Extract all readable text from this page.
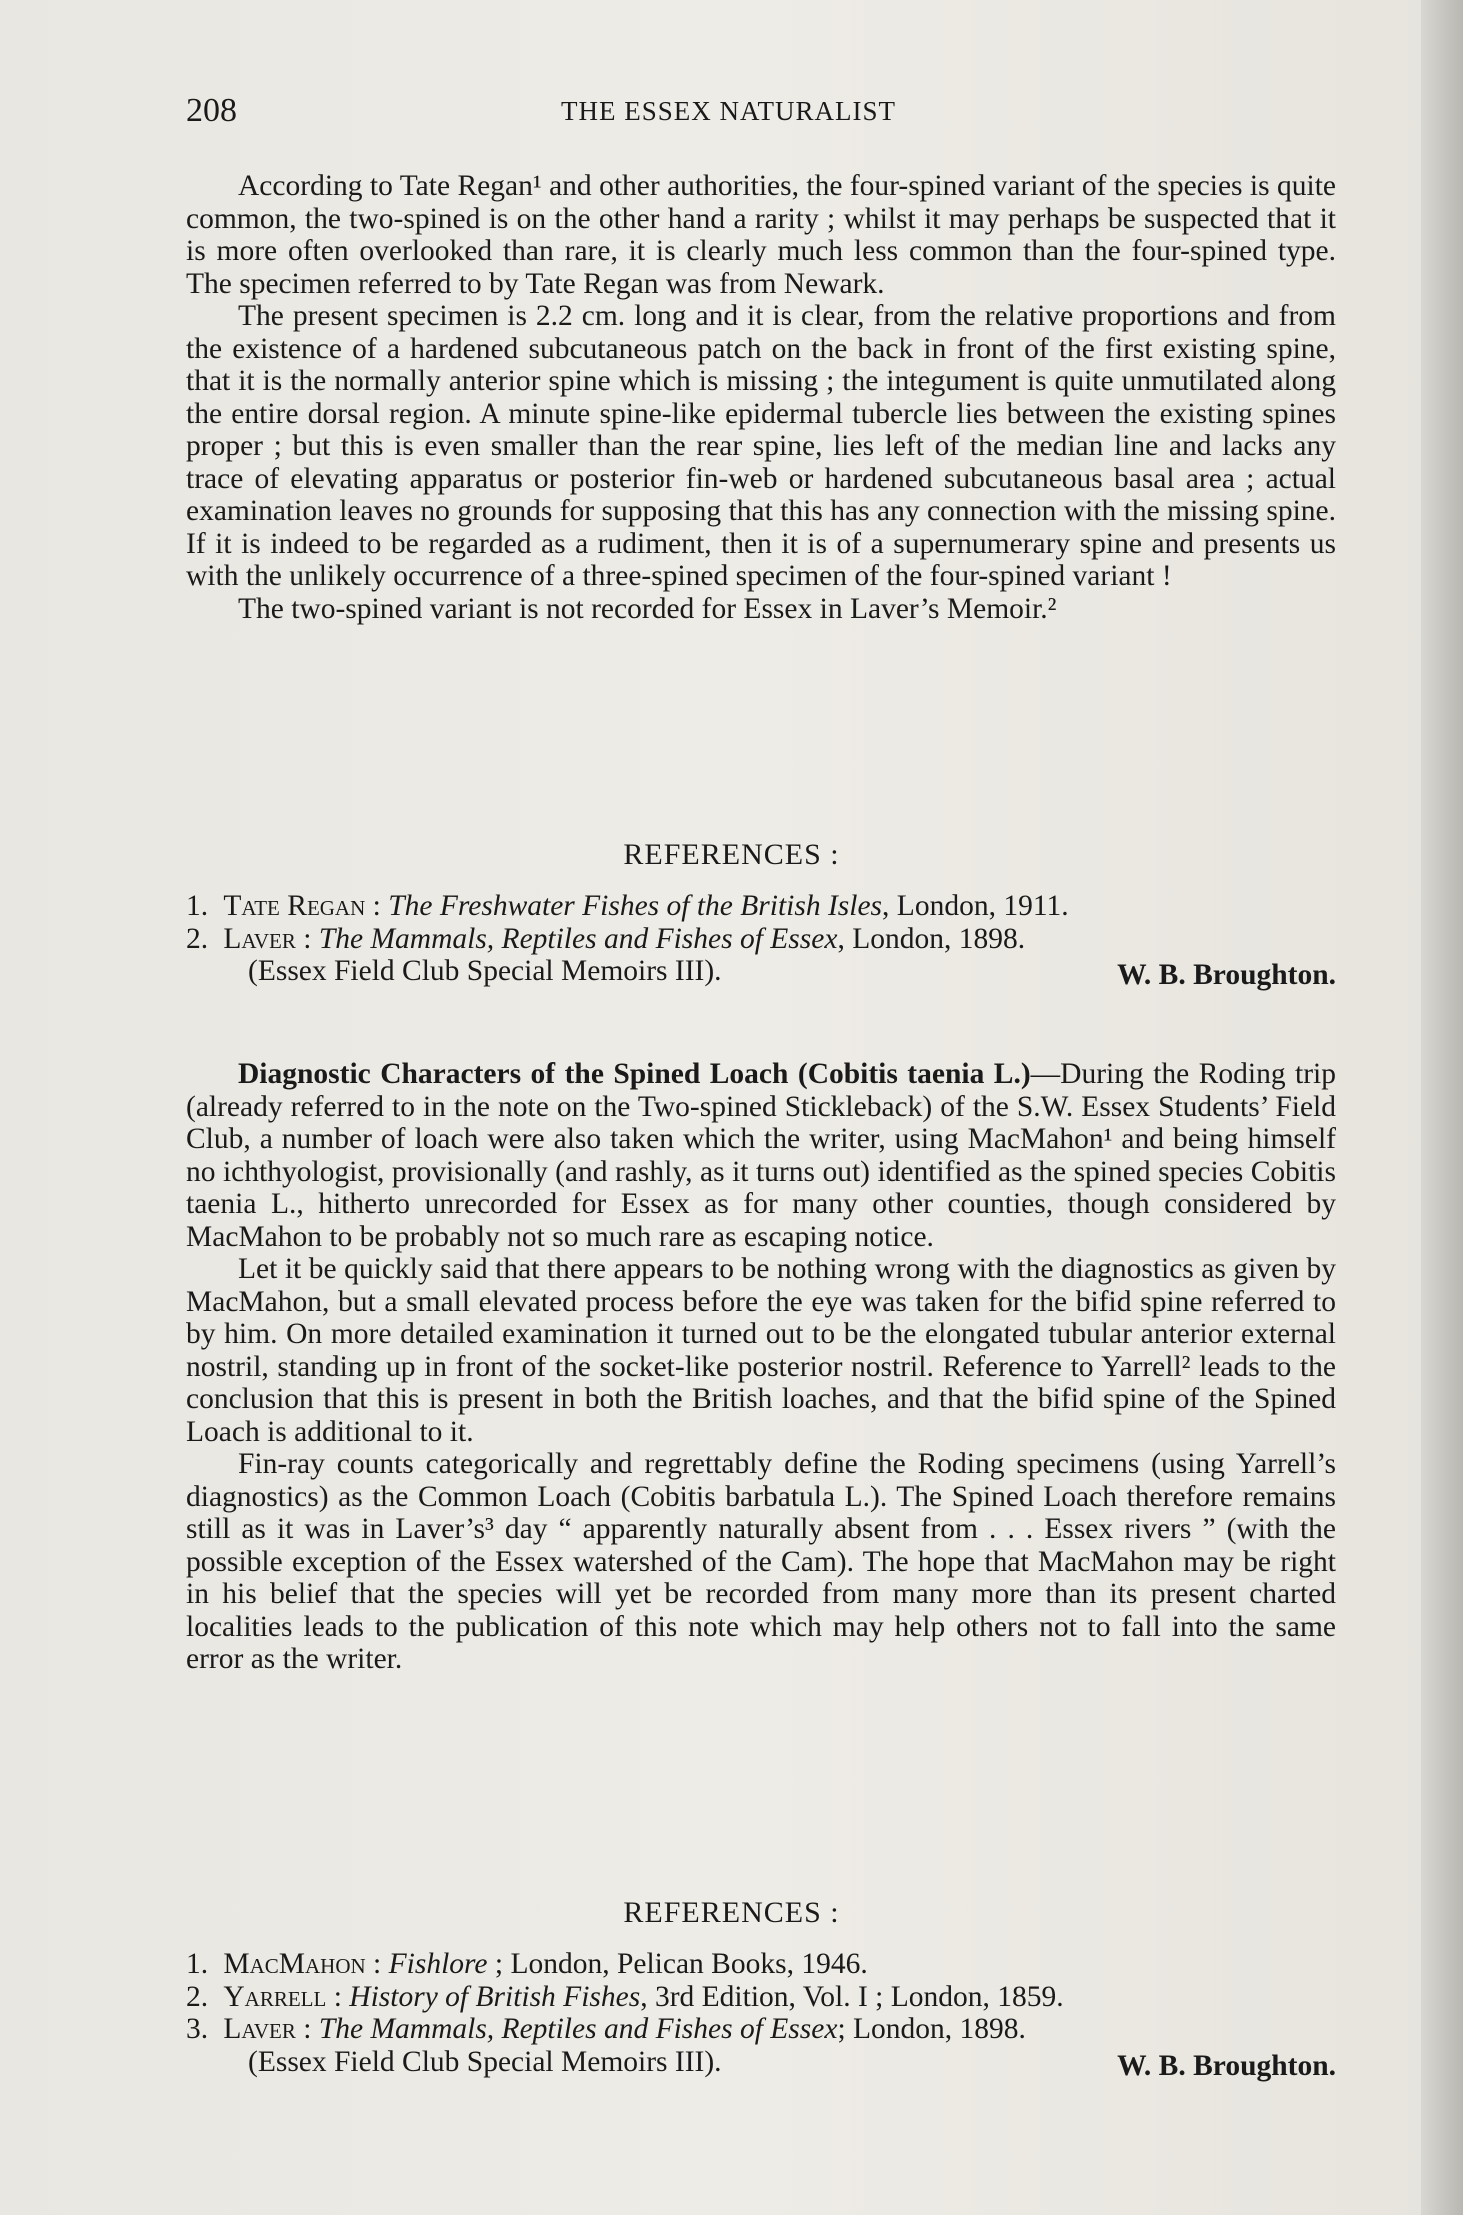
208	THE ESSEX NATURALIST

According to Tate Regan¹ and other authorities, the four-spined variant of the species is quite common, the two-spined is on the other hand a rarity ; whilst it may perhaps be suspected that it is more often overlooked than rare, it is clearly much less common than the four-spined type. The specimen referred to by Tate Regan was from Newark.

The present specimen is 2.2 cm. long and it is clear, from the relative proportions and from the existence of a hardened subcutaneous patch on the back in front of the first existing spine, that it is the normally anterior spine which is missing ; the integument is quite unmutilated along the entire dorsal region. A minute spine-like epidermal tubercle lies between the existing spines proper ; but this is even smaller than the rear spine, lies left of the median line and lacks any trace of elevating apparatus or posterior fin-web or hardened subcutaneous basal area ; actual examination leaves no grounds for supposing that this has any connection with the missing spine. If it is indeed to be regarded as a rudiment, then it is of a supernumerary spine and presents us with the unlikely occurrence of a three-spined specimen of the four-spined variant !

The two-spined variant is not recorded for Essex in Laver’s Memoir.²

REFERENCES :
1. Tate Regan : The Freshwater Fishes of the British Isles, London, 1911.
2. Laver : The Mammals, Reptiles and Fishes of Essex, London, 1898.
(Essex Field Club Special Memoirs III).	W. B. Broughton.

Diagnostic Characters of the Spined Loach (Cobitis taenia L.)—During the Roding trip (already referred to in the note on the Two-spined Stickleback) of the S.W. Essex Students’ Field Club, a number of loach were also taken which the writer, using MacMahon¹ and being himself no ichthyologist, provisionally (and rashly, as it turns out) identified as the spined species Cobitis taenia L., hitherto unrecorded for Essex as for many other counties, though considered by MacMahon to be probably not so much rare as escaping notice.

Let it be quickly said that there appears to be nothing wrong with the diagnostics as given by MacMahon, but a small elevated process before the eye was taken for the bifid spine referred to by him. On more detailed examination it turned out to be the elongated tubular anterior external nostril, standing up in front of the socket-like posterior nostril. Reference to Yarrell² leads to the conclusion that this is present in both the British loaches, and that the bifid spine of the Spined Loach is additional to it.

Fin-ray counts categorically and regrettably define the Roding specimens (using Yarrell’s diagnostics) as the Common Loach (Cobitis barbatula L.). The Spined Loach therefore remains still as it was in Laver’s³ day “ apparently naturally absent from . . . Essex rivers ” (with the possible exception of the Essex watershed of the Cam). The hope that MacMahon may be right in his belief that the species will yet be recorded from many more than its present charted localities leads to the publication of this note which may help others not to fall into the same error as the writer.

REFERENCES :
1. MacMahon : Fishlore ; London, Pelican Books, 1946.
2. Yarrell : History of British Fishes, 3rd Edition, Vol. I ; London, 1859.
3. Laver : The Mammals, Reptiles and Fishes of Essex; London, 1898.
(Essex Field Club Special Memoirs III).	W. B. Broughton.
